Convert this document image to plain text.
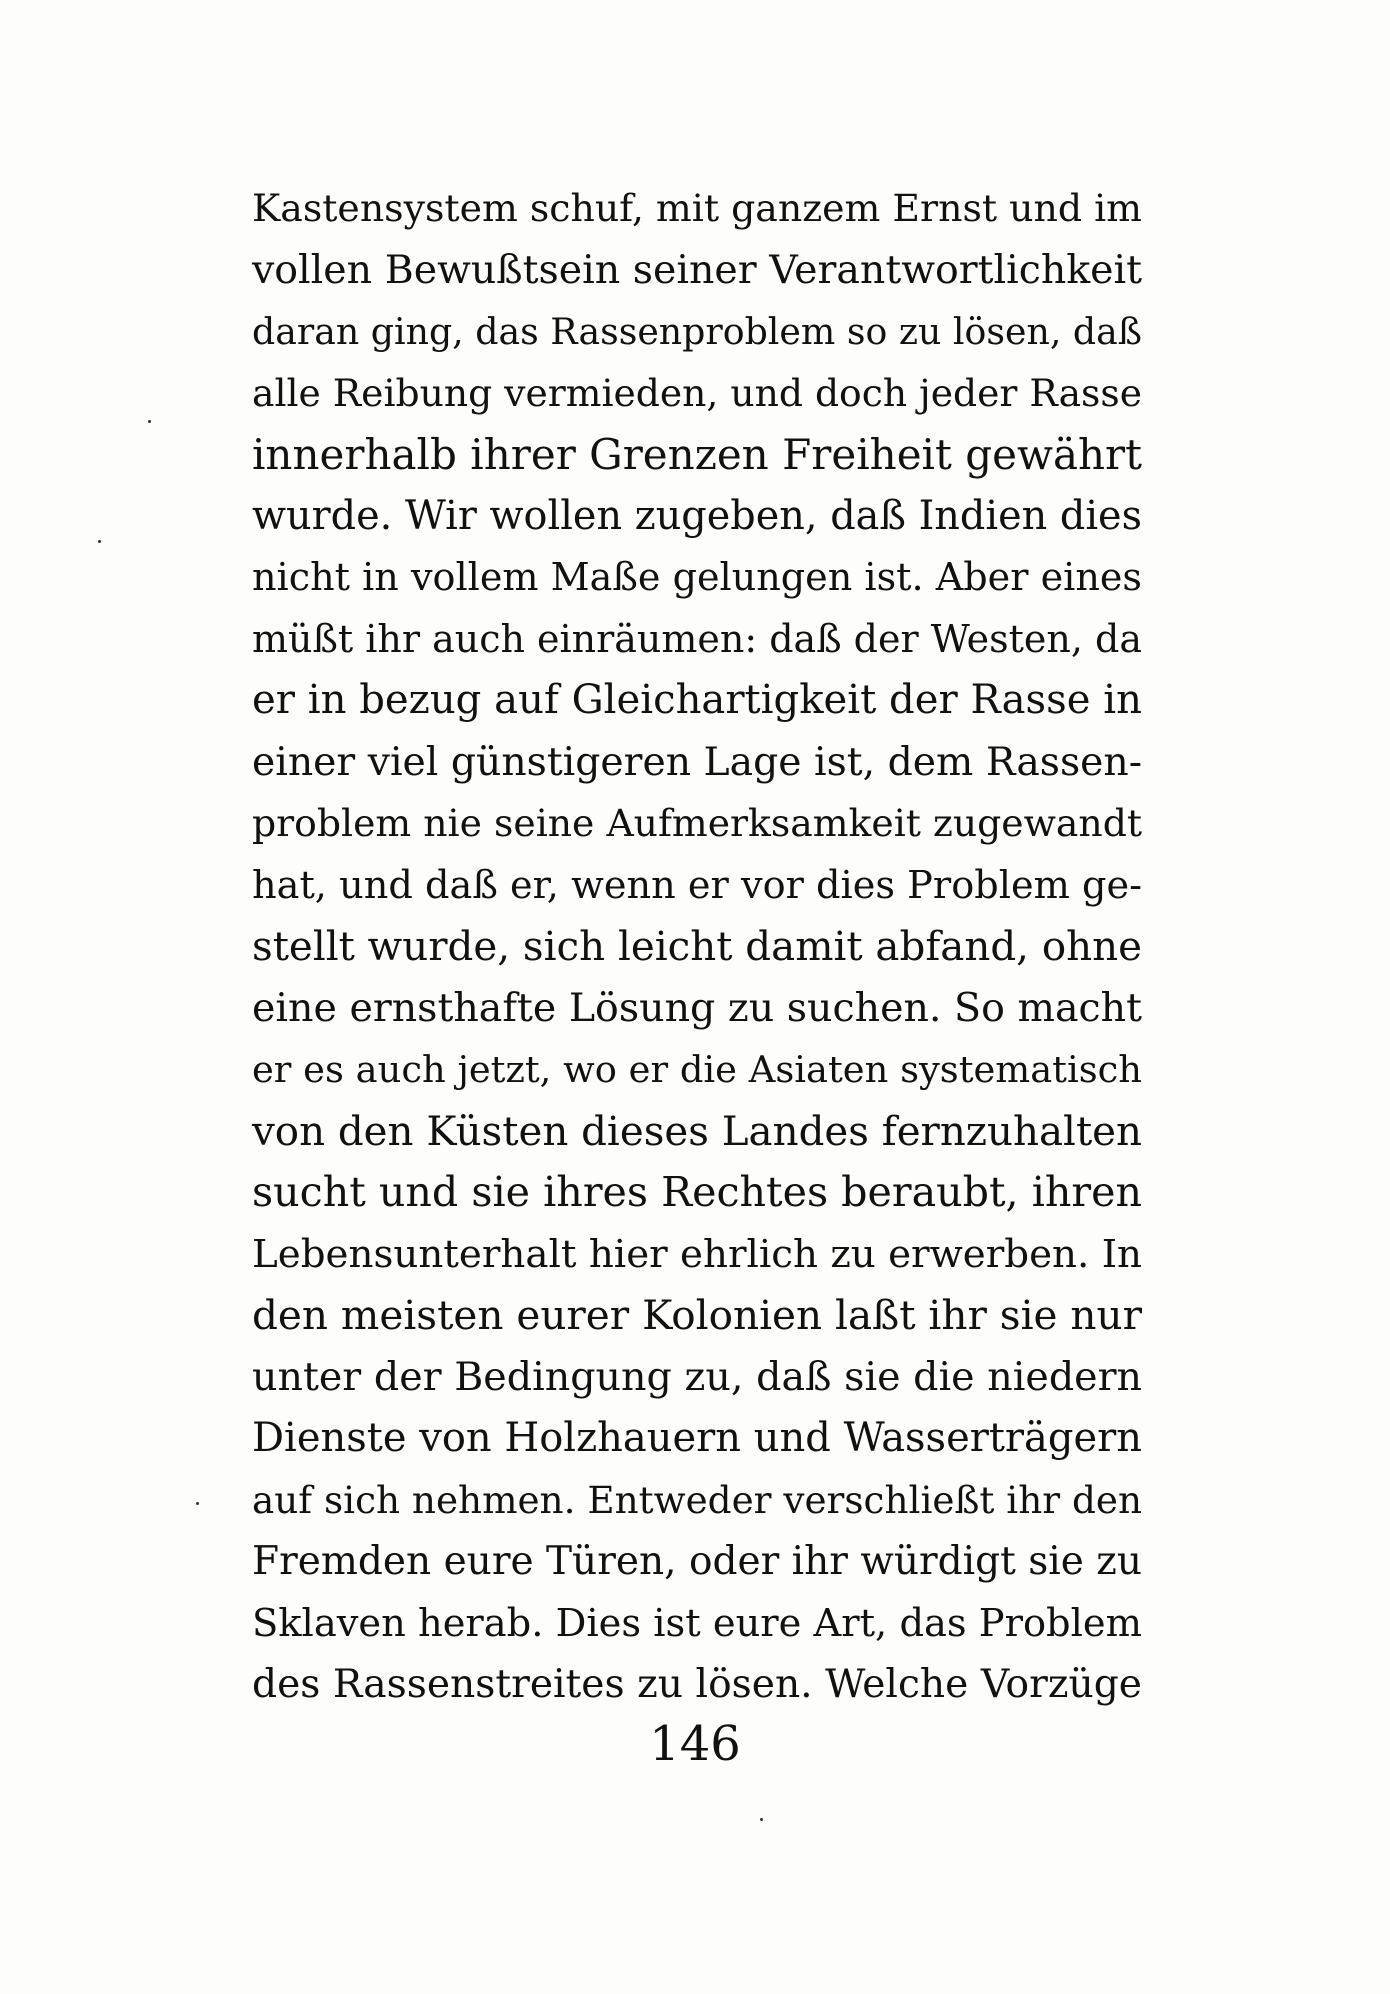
Kastensystem schuf, mit ganzem Ernst und im
vollen Bewußtsein seiner Verantwortlichkeit
daran ging, das Rassenproblem so zu lösen, daß
alle Reibung vermieden, und doch jeder Rasse
innerhalb ihrer Grenzen Freiheit gewährt
wurde. Wir wollen zugeben, daß Indien dies
nicht in vollem Maße gelungen ist. Aber eines
müßt ihr auch einräumen: daß der Westen, da
er in bezug auf Gleichartigkeit der Rasse in
einer viel günstigeren Lage ist, dem Rassen-
problem nie seine Aufmerksamkeit zugewandt
hat, und daß er, wenn er vor dies Problem ge-
stellt wurde, sich leicht damit abfand, ohne
eine ernsthafte Lösung zu suchen. So macht
er es auch jetzt, wo er die Asiaten systematisch
von den Küsten dieses Landes fernzuhalten
sucht und sie ihres Rechtes beraubt, ihren
Lebensunterhalt hier ehrlich zu erwerben. In
den meisten eurer Kolonien laßt ihr sie nur
unter der Bedingung zu, daß sie die niedern
Dienste von Holzhauern und Wasserträgern
auf sich nehmen. Entweder verschließt ihr den
Fremden eure Türen, oder ihr würdigt sie zu
Sklaven herab. Dies ist eure Art, das Problem
des Rassenstreites zu lösen. Welche Vorzüge
146
